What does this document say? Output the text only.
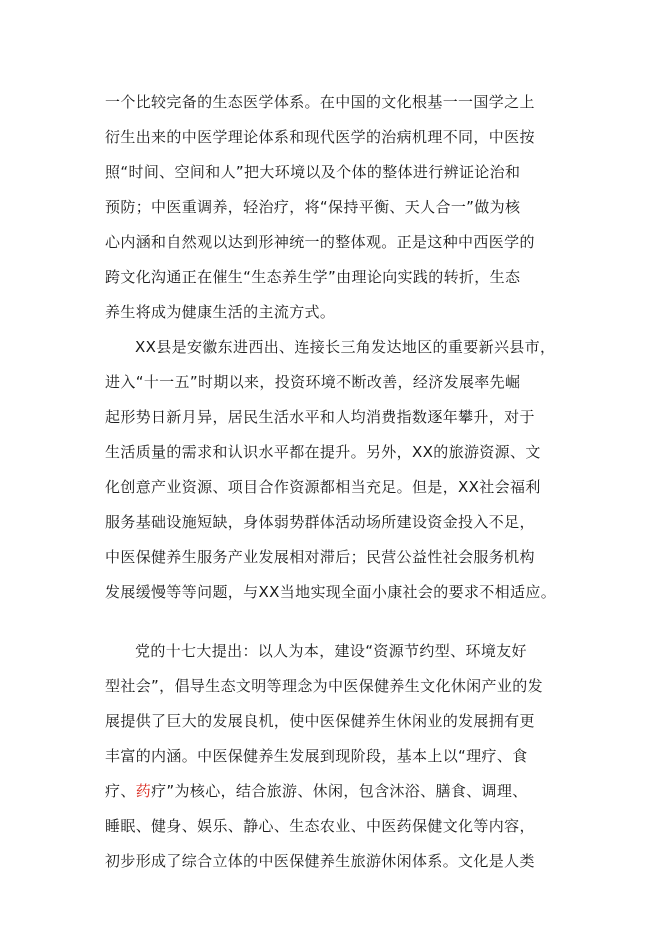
一个比较完备的生态医学体系。在中国的文化根基一一国学之上
衍生出来的中医学理论体系和现代医学的治病机理不同，中医按
照“时间、空间和人”把大环境以及个体的整体进行辨证论治和
预防；中医重调养，轻治疗，将“保持平衡、天人合一”做为核
心内涵和自然观以达到形神统一的整体观。正是这种中西医学的
跨文化沟通正在催生“生态养生学”由理论向实践的转折，生态
养生将成为健康生活的主流方式。
XX县是安徽东进西出、连接长三角发达地区的重要新兴县市，
进入“十一五”时期以来，投资环境不断改善，经济发展率先崛
起形势日新月异，居民生活水平和人均消费指数逐年攀升，对于
生活质量的需求和认识水平都在提升。另外，XX的旅游资源、文
化创意产业资源、项目合作资源都相当充足。但是，XX社会福利
服务基础设施短缺，身体弱势群体活动场所建设资金投入不足，
中医保健养生服务产业发展相对滞后；民营公益性社会服务机构
发展缓慢等等问题，与XX当地实现全面小康社会的要求不相适应。
党的十七大提出：以人为本，建设“资源节约型、环境友好
型社会”，倡导生态文明等理念为中医保健养生文化休闲产业的发
展提供了巨大的发展良机，使中医保健养生休闲业的发展拥有更
丰富的内涵。中医保健养生发展到现阶段，基本上以“理疗、食
疗、药疗”为核心，结合旅游、休闲，包含沐浴、膳食、调理、
睡眠、健身、娱乐、静心、生态农业、中医药保健文化等内容，
初步形成了综合立体的中医保健养生旅游休闲体系。文化是人类
